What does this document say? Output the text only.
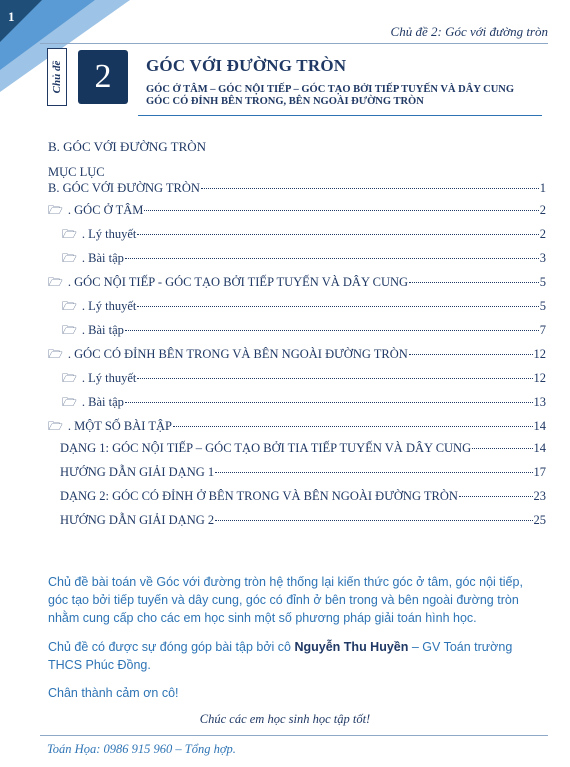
1
Chủ đề 2: Góc với đường tròn
Chủ đề 2	GÓC VỚI ĐƯỜNG TRÒN
GÓC Ở TÂM – GÓC NỘI TIẾP – GÓC TẠO BỞI TIẾP TUYẾN VÀ DÂY CUNG
GÓC CÓ ĐỈNH BÊN TRONG, BÊN NGOÀI ĐƯỜNG TRÒN
B. GÓC VỚI ĐƯỜNG TRÒN
MỤC LỤC
B. GÓC VỚI ĐƯỜNG TRÒN	1
🗁 . GÓC Ở TÂM	2
🗁 . Lý thuyết	2
🗁 . Bài tập	3
🗁 . GÓC NỘI TIẾP - GÓC TẠO BỞI TIẾP TUYẾN VÀ DÂY CUNG	5
🗁 . Lý thuyết	5
🗁 . Bài tập	7
🗁 . GÓC CÓ ĐỈNH BÊN TRONG VÀ BÊN NGOÀI ĐƯỜNG TRÒN	12
🗁 . Lý thuyết	12
🗁 . Bài tập	13
🗁 . MỘT SỐ BÀI TẬP	14
DẠNG 1: GÓC NỘI TIẾP – GÓC TẠO BỞI TIA TIẾP TUYẾN VÀ DÂY CUNG	14
HƯỚNG DẪN GIẢI DẠNG 1	17
DẠNG 2: GÓC CÓ ĐỈNH Ở BÊN TRONG VÀ BÊN NGOÀI ĐƯỜNG TRÒN	23
HƯỚNG DẪN GIẢI DẠNG 2	25
Chủ đề bài toán về Góc với đường tròn hệ thống lại kiến thức góc ở tâm, góc nội tiếp, góc tạo bởi tiếp tuyến và dây cung, góc có đỉnh ở bên trong và bên ngoài đường tròn nhằm cung cấp cho các em học sinh một số phương pháp giải toán hình học.
Chủ đề có được sự đóng góp bài tập bởi cô Nguyễn Thu Huyền – GV Toán trường THCS Phúc Đồng.
Chân thành cảm ơn cô!
Chúc các em học sinh học tập tốt!
Toán Họa: 0986 915 960 – Tổng hợp.
